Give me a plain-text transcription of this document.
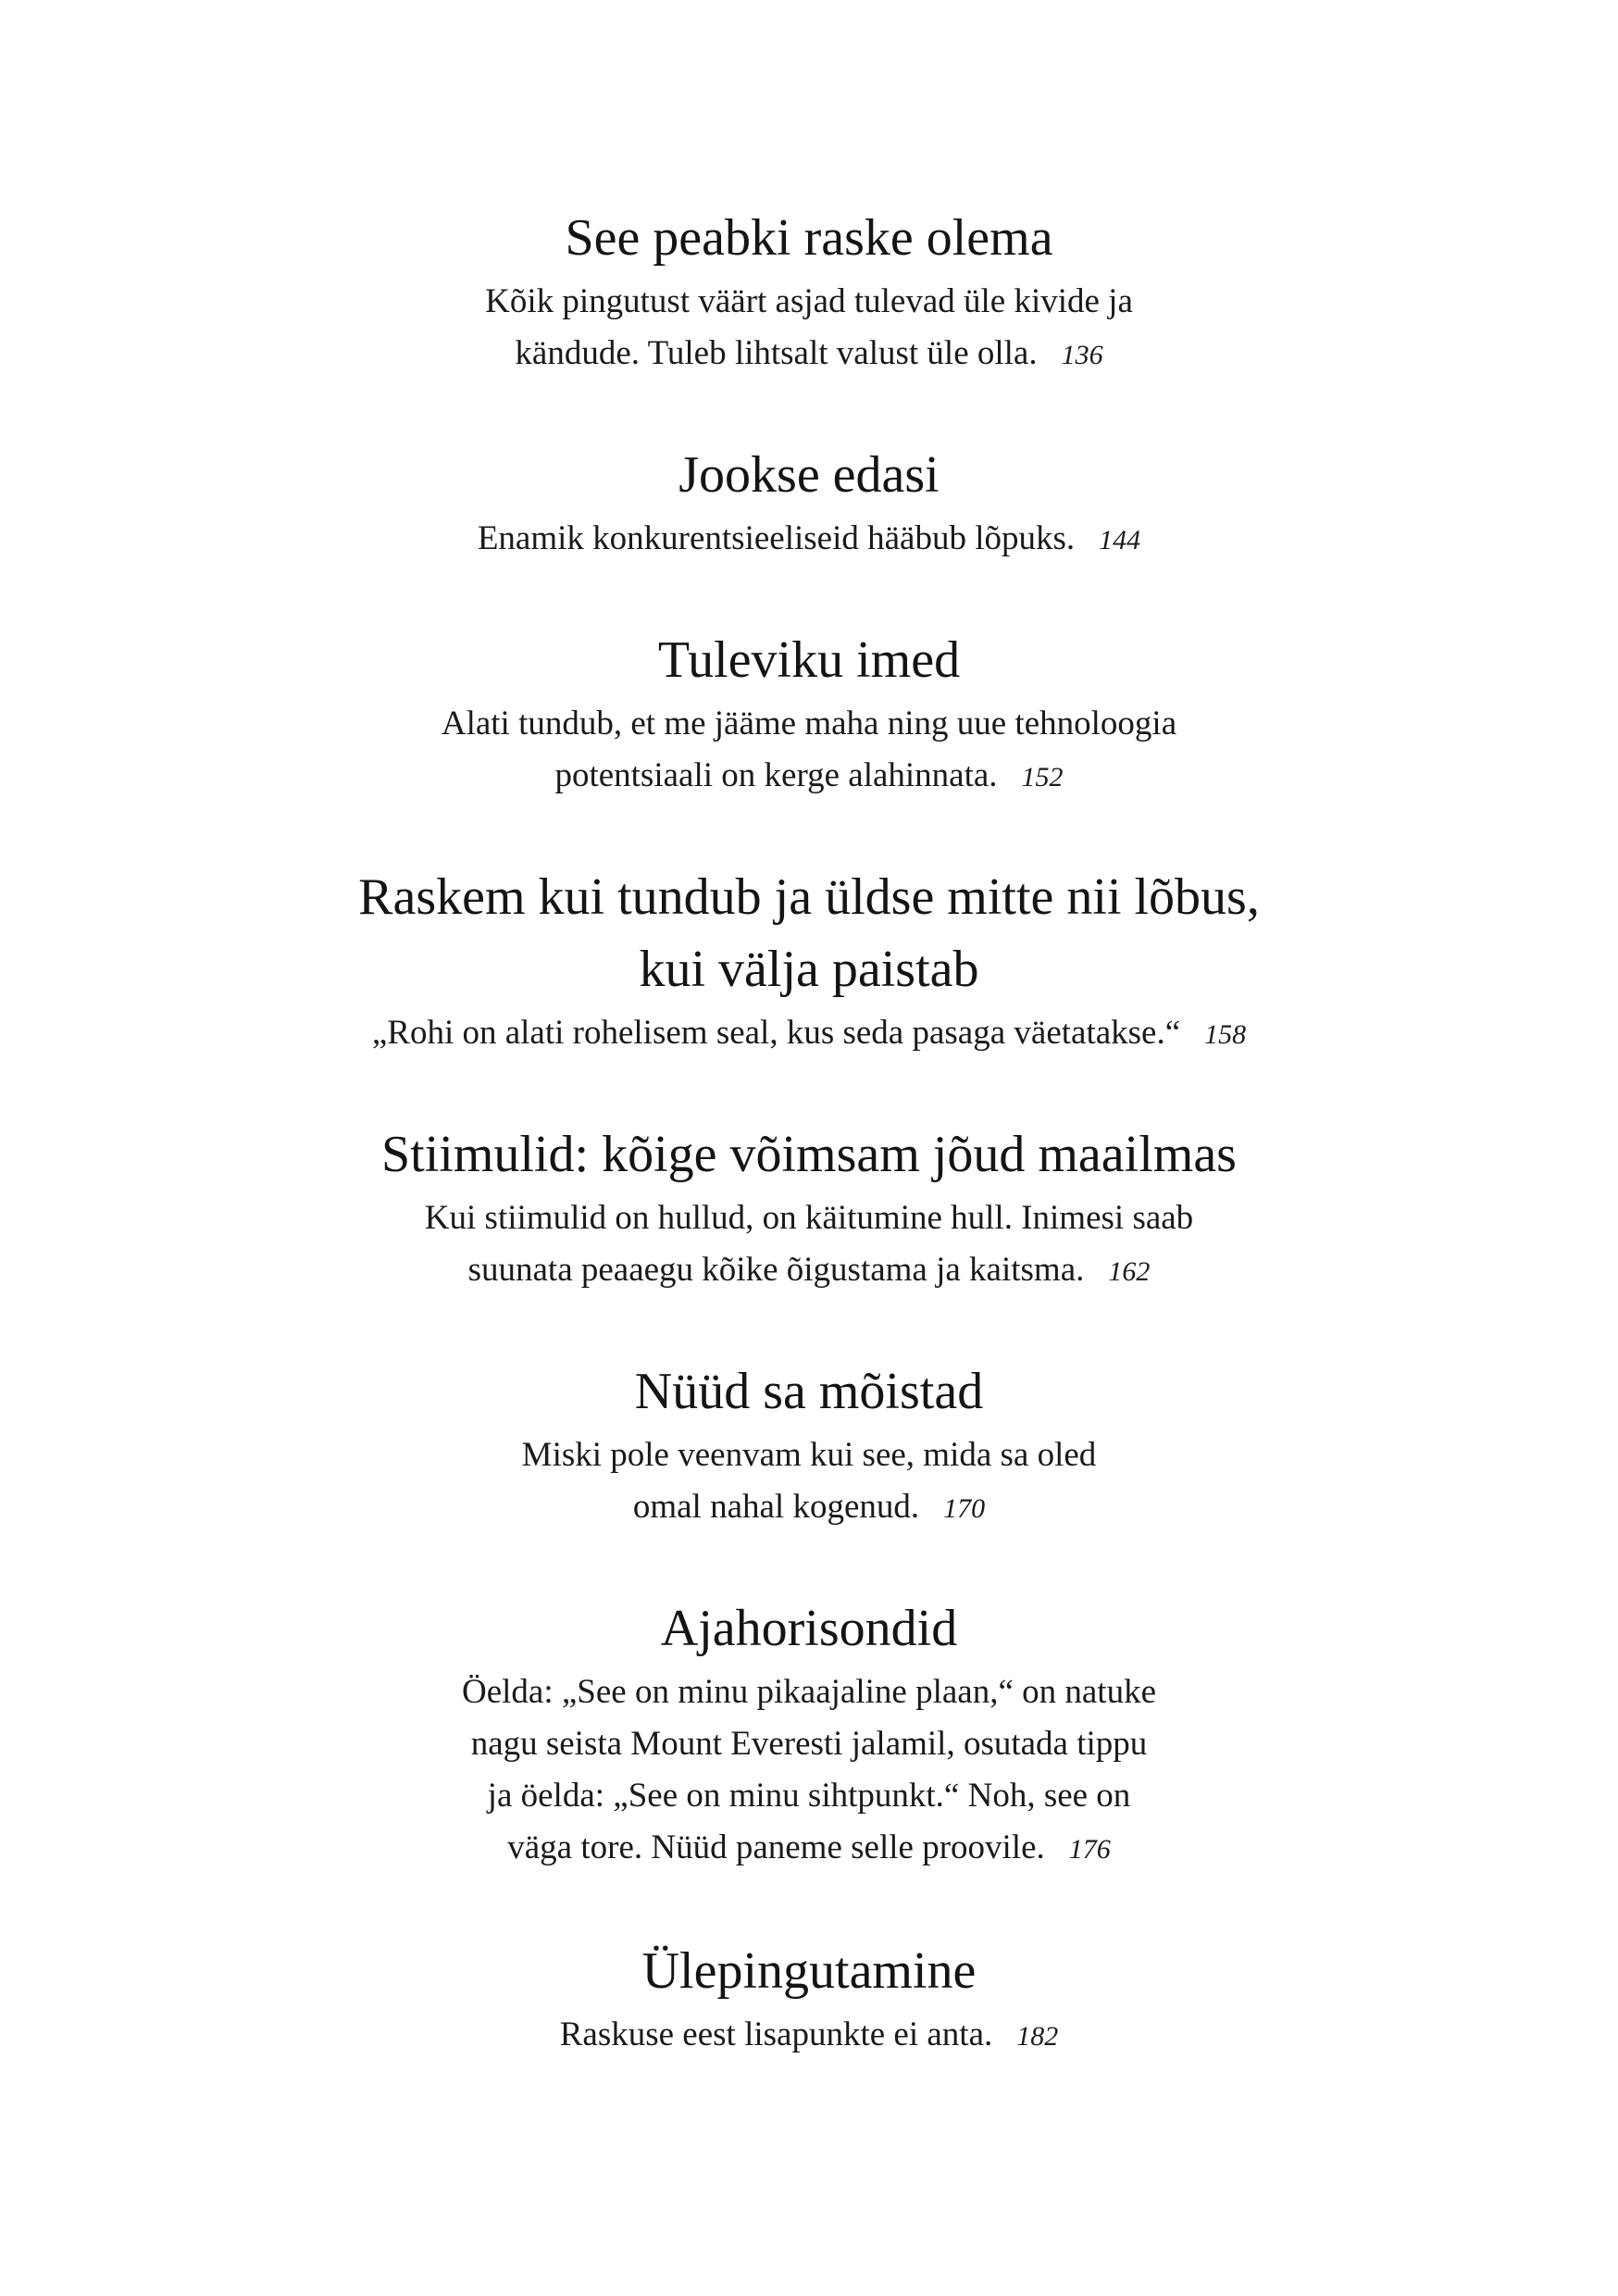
See peabki raske olema
Kõik pingutust väärt asjad tulevad üle kivide ja
kändude. Tuleb lihtsalt valust üle olla. 136
Jookse edasi
Enamik konkurentsieeliseid hääbub lõpuks. 144
Tuleviku imed
Alati tundub, et me jääme maha ning uue tehnoloogia
potentsiaali on kerge alahinnata. 152
Raskem kui tundub ja üldse mitte nii lõbus,
kui välja paistab
„Rohi on alati rohelisem seal, kus seda pasaga väetatakse.“ 158
Stiimulid: kõige võimsam jõud maailmas
Kui stiimulid on hullud, on käitumine hull. Inimesi saab
suunata peaaegu kõike õigustama ja kaitsma. 162
Nüüd sa mõistad
Miski pole veenvam kui see, mida sa oled
omal nahal kogenud. 170
Ajahorisondid
Öelda: „See on minu pikaajaline plaan,“ on natuke
nagu seista Mount Everesti jalamil, osutada tippu
ja öelda: „See on minu sihtpunkt.“ Noh, see on
väga tore. Nüüd paneme selle proovile. 176
Ülepingutamine
Raskuse eest lisapunkte ei anta. 182
